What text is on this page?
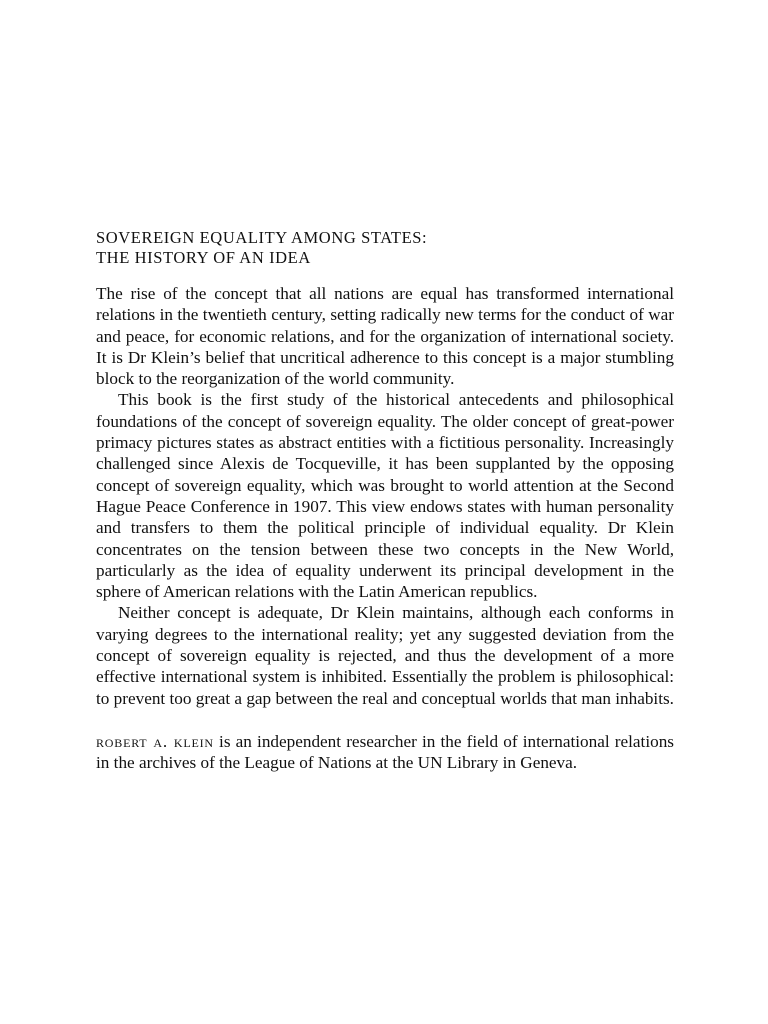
SOVEREIGN EQUALITY AMONG STATES:
THE HISTORY OF AN IDEA

The rise of the concept that all nations are equal has transformed international relations in the twentieth century, setting radically new terms for the conduct of war and peace, for economic relations, and for the organization of international society. It is Dr Klein’s belief that uncritical adherence to this concept is a major stumbling block to the reorganization of the world community.

This book is the first study of the historical antecedents and philosophical foundations of the concept of sovereign equality. The older concept of great-power primacy pictures states as abstract entities with a fictitious personality. Increasingly challenged since Alexis de Tocqueville, it has been supplanted by the opposing concept of sovereign equality, which was brought to world attention at the Second Hague Peace Conference in 1907. This view endows states with human personality and transfers to them the political principle of individual equality. Dr Klein concentrates on the tension between these two concepts in the New World, particularly as the idea of equality underwent its principal development in the sphere of American relations with the Latin American republics.

Neither concept is adequate, Dr Klein maintains, although each conforms in varying degrees to the international reality; yet any suggested deviation from the concept of sovereign equality is rejected, and thus the development of a more effective international system is inhibited. Essentially the problem is philosophical: to prevent too great a gap between the real and conceptual worlds that man inhabits.

robert a. klein is an independent researcher in the field of international relations in the archives of the League of Nations at the UN Library in Geneva.
